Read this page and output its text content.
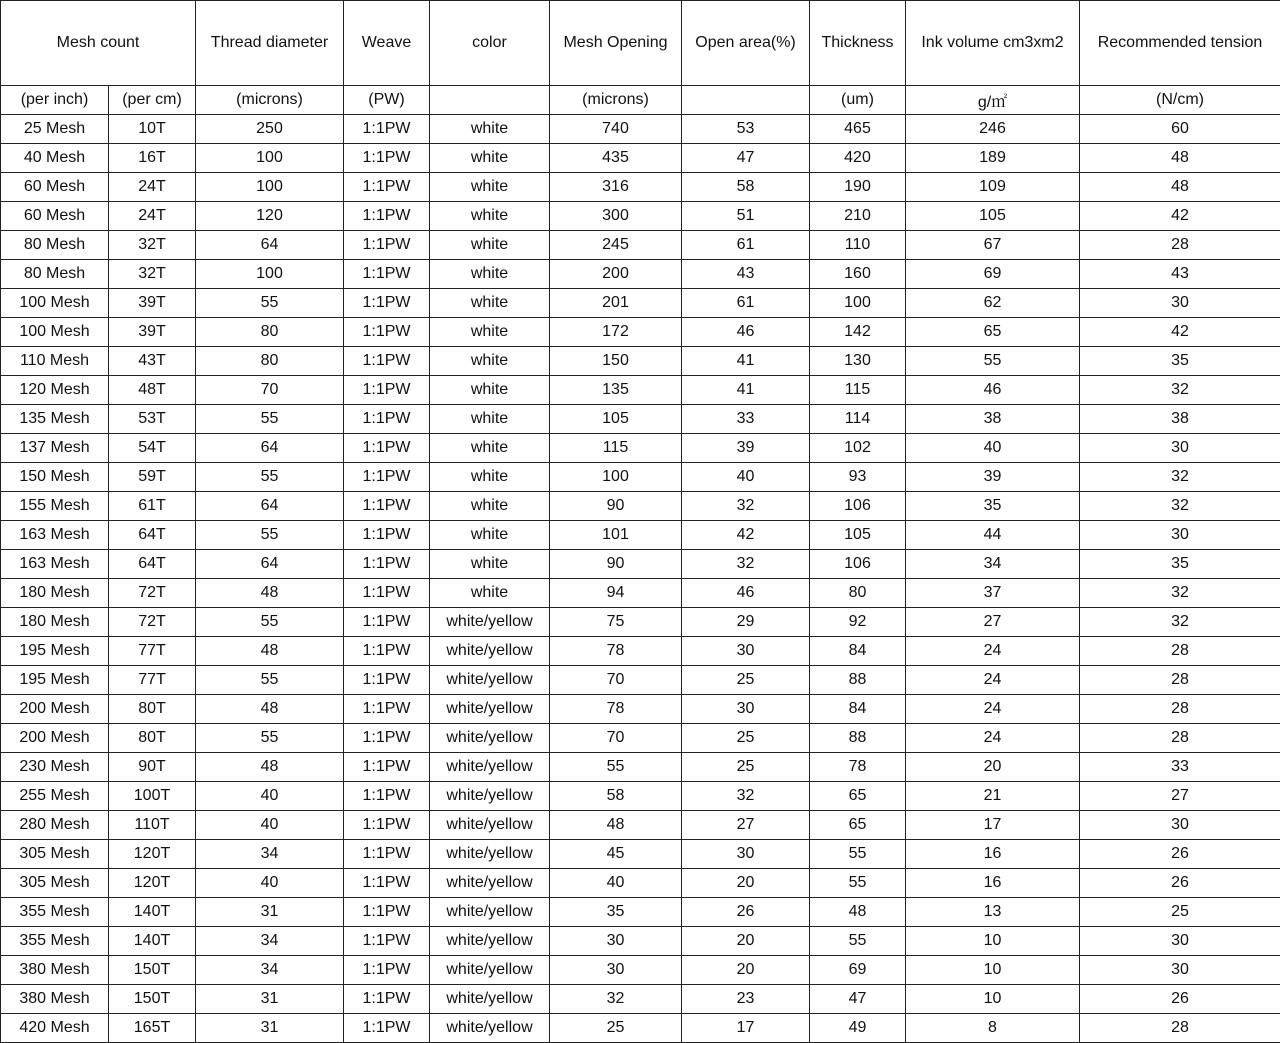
Mesh count		Thread diameter	Weave	color	Mesh Opening	Open area(%)	Thickness	Ink volume cm3xm2	Recommended tension
(per inch)	(per cm)	(microns)	(PW)		(microns)		(um)	g/㎡	(N/cm)
25 Mesh	10T	250	1:1PW	white	740	53	465	246	60
40 Mesh	16T	100	1:1PW	white	435	47	420	189	48
60 Mesh	24T	100	1:1PW	white	316	58	190	109	48
60 Mesh	24T	120	1:1PW	white	300	51	210	105	42
80 Mesh	32T	64	1:1PW	white	245	61	110	67	28
80 Mesh	32T	100	1:1PW	white	200	43	160	69	43
100 Mesh	39T	55	1:1PW	white	201	61	100	62	30
100 Mesh	39T	80	1:1PW	white	172	46	142	65	42
110 Mesh	43T	80	1:1PW	white	150	41	130	55	35
120 Mesh	48T	70	1:1PW	white	135	41	115	46	32
135 Mesh	53T	55	1:1PW	white	105	33	114	38	38
137 Mesh	54T	64	1:1PW	white	115	39	102	40	30
150 Mesh	59T	55	1:1PW	white	100	40	93	39	32
155 Mesh	61T	64	1:1PW	white	90	32	106	35	32
163 Mesh	64T	55	1:1PW	white	101	42	105	44	30
163 Mesh	64T	64	1:1PW	white	90	32	106	34	35
180 Mesh	72T	48	1:1PW	white	94	46	80	37	32
180 Mesh	72T	55	1:1PW	white/yellow	75	29	92	27	32
195 Mesh	77T	48	1:1PW	white/yellow	78	30	84	24	28
195 Mesh	77T	55	1:1PW	white/yellow	70	25	88	24	28
200 Mesh	80T	48	1:1PW	white/yellow	78	30	84	24	28
200 Mesh	80T	55	1:1PW	white/yellow	70	25	88	24	28
230 Mesh	90T	48	1:1PW	white/yellow	55	25	78	20	33
255 Mesh	100T	40	1:1PW	white/yellow	58	32	65	21	27
280 Mesh	110T	40	1:1PW	white/yellow	48	27	65	17	30
305 Mesh	120T	34	1:1PW	white/yellow	45	30	55	16	26
305 Mesh	120T	40	1:1PW	white/yellow	40	20	55	16	26
355 Mesh	140T	31	1:1PW	white/yellow	35	26	48	13	25
355 Mesh	140T	34	1:1PW	white/yellow	30	20	55	10	30
380 Mesh	150T	34	1:1PW	white/yellow	30	20	69	10	30
380 Mesh	150T	31	1:1PW	white/yellow	32	23	47	10	26
420 Mesh	165T	31	1:1PW	white/yellow	25	17	49	8	28
